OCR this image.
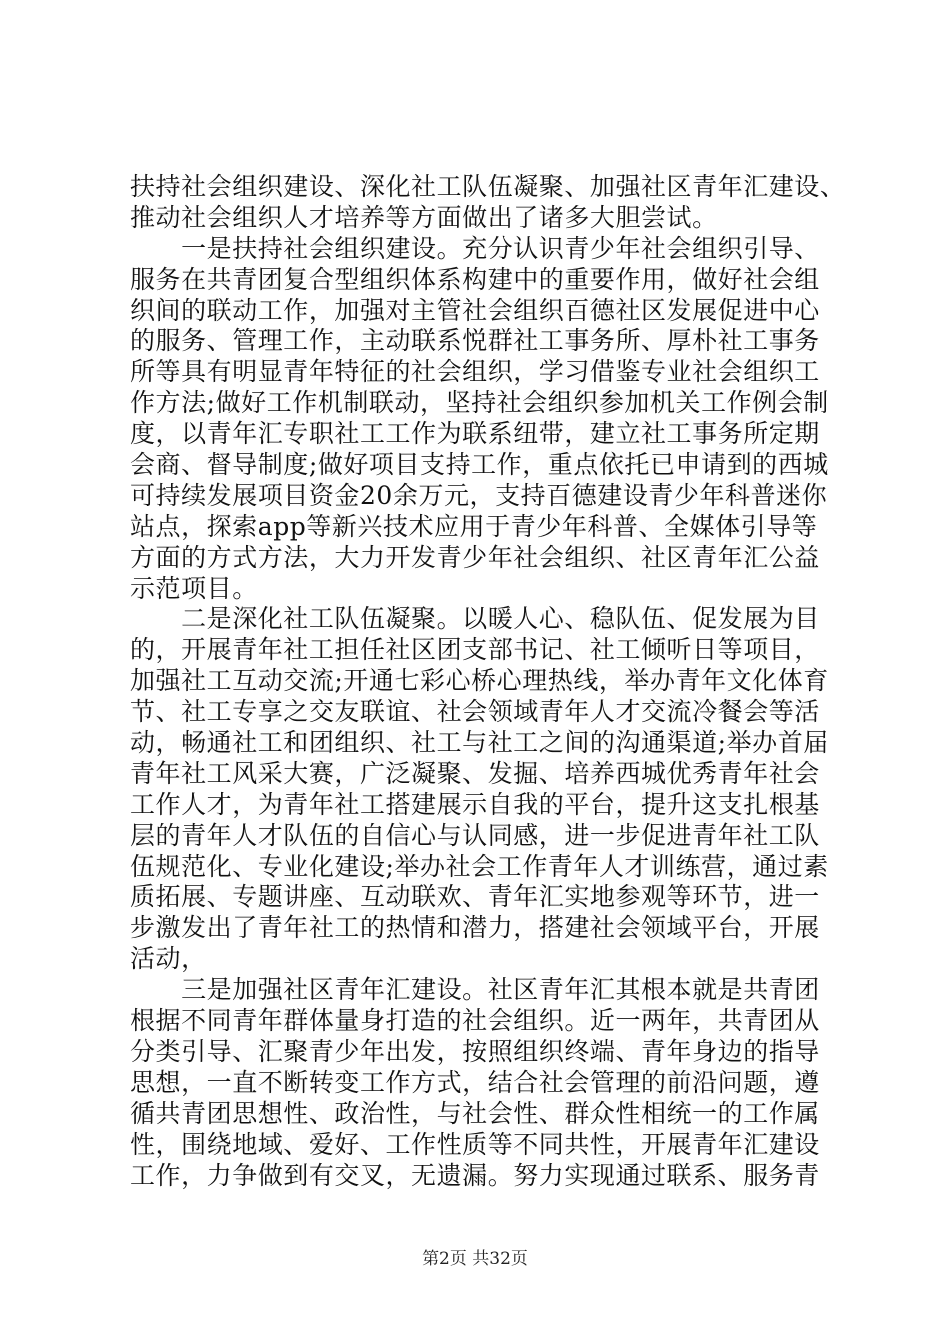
扶持社会组织建设、深化社工队伍凝聚、加强社区青年汇建设、
推动社会组织人才培养等方面做出了诸多大胆尝试。
　　一是扶持社会组织建设。充分认识青少年社会组织引导、
服务在共青团复合型组织体系构建中的重要作用，做好社会组
织间的联动工作，加强对主管社会组织百德社区发展促进中心
的服务、管理工作，主动联系悦群社工事务所、厚朴社工事务
所等具有明显青年特征的社会组织，学习借鉴专业社会组织工
作方法;做好工作机制联动，坚持社会组织参加机关工作例会制
度，以青年汇专职社工工作为联系纽带，建立社工事务所定期
会商、督导制度;做好项目支持工作，重点依托已申请到的西城
可持续发展项目资金20余万元，支持百德建设青少年科普迷你
站点，探索app等新兴技术应用于青少年科普、全媒体引导等
方面的方式方法，大力开发青少年社会组织、社区青年汇公益
示范项目。
　　二是深化社工队伍凝聚。以暖人心、稳队伍、促发展为目
的，开展青年社工担任社区团支部书记、社工倾听日等项目，
加强社工互动交流;开通七彩心桥心理热线，举办青年文化体育
节、社工专享之交友联谊、社会领域青年人才交流冷餐会等活
动，畅通社工和团组织、社工与社工之间的沟通渠道;举办首届
青年社工风采大赛，广泛凝聚、发掘、培养西城优秀青年社会
工作人才，为青年社工搭建展示自我的平台，提升这支扎根基
层的青年人才队伍的自信心与认同感，进一步促进青年社工队
伍规范化、专业化建设;举办社会工作青年人才训练营，通过素
质拓展、专题讲座、互动联欢、青年汇实地参观等环节，进一
步激发出了青年社工的热情和潜力，搭建社会领域平台，开展
活动，
　　三是加强社区青年汇建设。社区青年汇其根本就是共青团
根据不同青年群体量身打造的社会组织。近一两年，共青团从
分类引导、汇聚青少年出发，按照组织终端、青年身边的指导
思想，一直不断转变工作方式，结合社会管理的前沿问题，遵
循共青团思想性、政治性，与社会性、群众性相统一的工作属
性，围绕地域、爱好、工作性质等不同共性，开展青年汇建设
工作，力争做到有交叉，无遗漏。努力实现通过联系、服务青
第2页 共32页
